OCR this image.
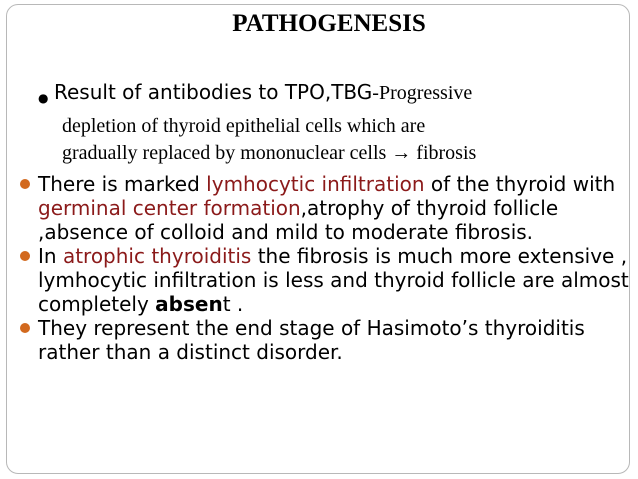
PATHOGENESIS
● Result of antibodies to TPO,TBG-Progressive
depletion of thyroid epithelial cells which are
gradually replaced by mononuclear cells → fibrosis
There is marked lymhocytic infiltration of the thyroid with germinal center formation,atrophy of thyroid follicle ,absence of colloid and mild to moderate fibrosis.
In atrophic thyroiditis the fibrosis is much more extensive , lymhocytic infiltration is less and thyroid follicle are almost completely absent .
They represent the end stage of Hasimoto’s thyroiditis rather than a distinct disorder.
